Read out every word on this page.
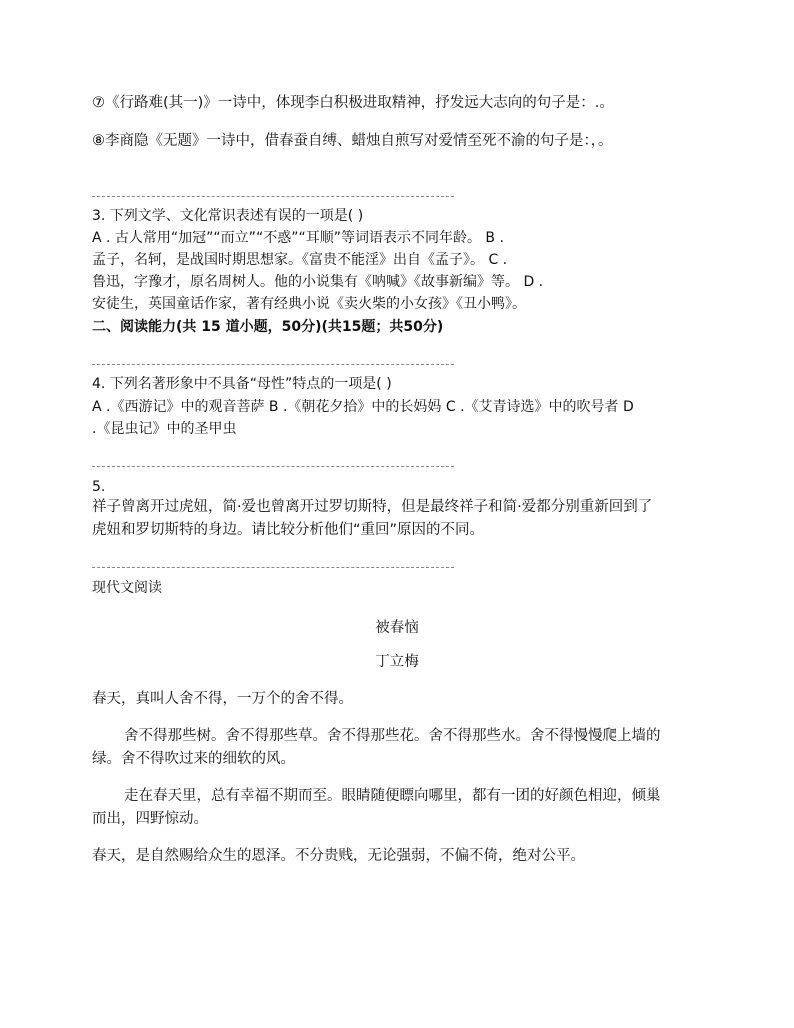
⑦《行路难(其一)》一诗中，体现李白积极进取精神，抒发远大志向的句子是：.。
⑧李商隐《无题》一诗中，借春蚕自缚、蜡烛自煎写对爱情至死不渝的句子是：，。
3. 下列文学、文化常识表述有误的一项是( )
A . 古人常用“加冠”“而立”“不惑”“耳顺”等词语表示不同年龄。 B .
孟子，名轲，是战国时期思想家。《富贵不能淫》出自《孟子》。 C .
鲁迅，字豫才，原名周树人。他的小说集有《呐喊》《故事新编》等。 D .
安徒生，英国童话作家，著有经典小说《卖火柴的小女孩》《丑小鸭》。
二、阅读能力(共 15 道小题，50分)(共15题；共50分)
4. 下列名著形象中不具备“母性”特点的一项是( )
A .《西游记》中的观音菩萨 B .《朝花夕拾》中的长妈妈 C .《艾青诗选》中的吹号者 D
.《昆虫记》中的圣甲虫
5.
祥子曾离开过虎妞，简·爱也曾离开过罗切斯特，但是最终祥子和简·爱都分别重新回到了
虎妞和罗切斯特的身边。请比较分析他们“重回”原因的不同。
现代文阅读
被春恼
丁立梅
春天，真叫人舍不得，一万个的舍不得。
舍不得那些树。舍不得那些草。舍不得那些花。舍不得那些水。舍不得慢慢爬上墙的
绿。舍不得吹过来的细软的风。
走在春天里，总有幸福不期而至。眼睛随便瞟向哪里，都有一团的好颜色相迎，倾巢
而出，四野惊动。
春天，是自然赐给众生的恩泽。不分贵贱，无论强弱，不偏不倚，绝对公平。
